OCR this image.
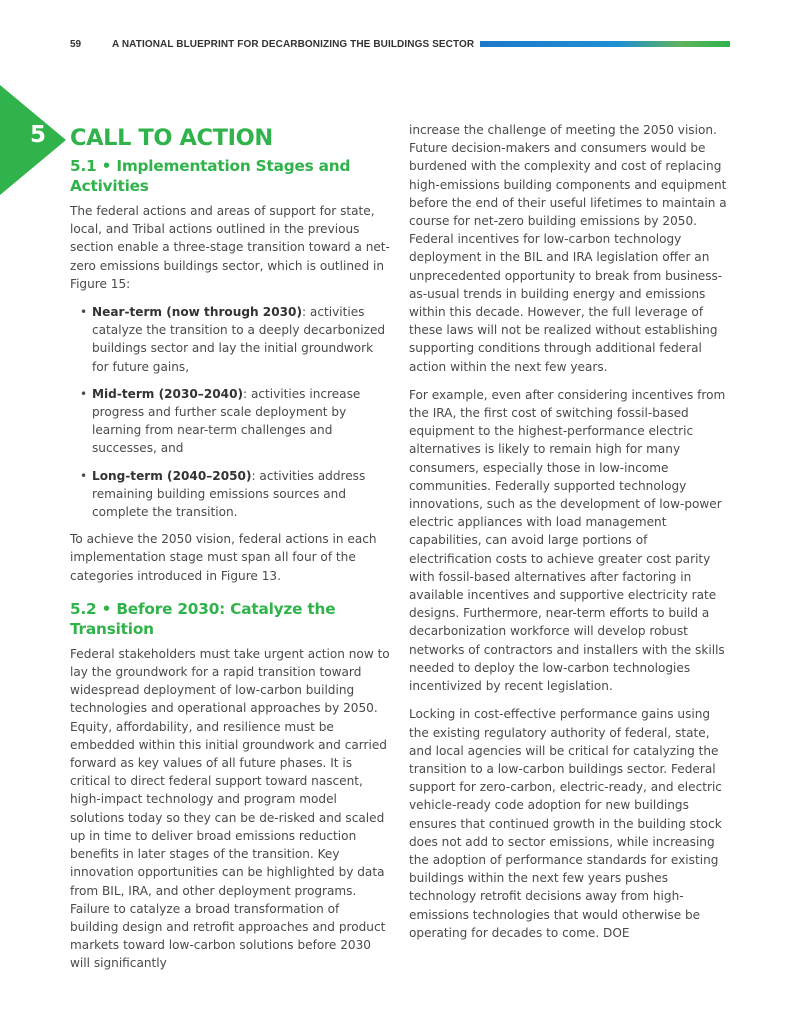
59	A NATIONAL BLUEPRINT FOR DECARBONIZING THE BUILDINGS SECTOR
5 CALL TO ACTION
5.1 • Implementation Stages and Activities

The federal actions and areas of support for state, local, and Tribal actions outlined in the previous section enable a three-stage transition toward a net-zero emissions buildings sector, which is outlined in Figure 15:

• Near-term (now through 2030): activities catalyze the transition to a deeply decarbonized buildings sector and lay the initial groundwork for future gains,
• Mid-term (2030–2040): activities increase progress and further scale deployment by learning from near-term challenges and successes, and
• Long-term (2040–2050): activities address remaining building emissions sources and complete the transition.

To achieve the 2050 vision, federal actions in each implementation stage must span all four of the categories introduced in Figure 13.

5.2 • Before 2030: Catalyze the Transition

Federal stakeholders must take urgent action now to lay the groundwork for a rapid transition toward widespread deployment of low-carbon building technologies and operational approaches by 2050. Equity, affordability, and resilience must be embedded within this initial groundwork and carried forward as key values of all future phases. It is critical to direct federal support toward nascent, high-impact technology and program model solutions today so they can be de-risked and scaled up in time to deliver broad emissions reduction benefits in later stages of the transition. Key innovation opportunities can be highlighted by data from BIL, IRA, and other deployment programs. Failure to catalyze a broad transformation of building design and retrofit approaches and product markets toward low-carbon solutions before 2030 will significantly

increase the challenge of meeting the 2050 vision. Future decision-makers and consumers would be burdened with the complexity and cost of replacing high-emissions building components and equipment before the end of their useful lifetimes to maintain a course for net-zero building emissions by 2050. Federal incentives for low-carbon technology deployment in the BIL and IRA legislation offer an unprecedented opportunity to break from business-as-usual trends in building energy and emissions within this decade. However, the full leverage of these laws will not be realized without establishing supporting conditions through additional federal action within the next few years.

For example, even after considering incentives from the IRA, the first cost of switching fossil-based equipment to the highest-performance electric alternatives is likely to remain high for many consumers, especially those in low-income communities. Federally supported technology innovations, such as the development of low-power electric appliances with load management capabilities, can avoid large portions of electrification costs to achieve greater cost parity with fossil-based alternatives after factoring in available incentives and supportive electricity rate designs. Furthermore, near-term efforts to build a decarbonization workforce will develop robust networks of contractors and installers with the skills needed to deploy the low-carbon technologies incentivized by recent legislation.

Locking in cost-effective performance gains using the existing regulatory authority of federal, state, and local agencies will be critical for catalyzing the transition to a low-carbon buildings sector. Federal support for zero-carbon, electric-ready, and electric vehicle-ready code adoption for new buildings ensures that continued growth in the building stock does not add to sector emissions, while increasing the adoption of performance standards for existing buildings within the next few years pushes technology retrofit decisions away from high-emissions technologies that would otherwise be operating for decades to come. DOE
